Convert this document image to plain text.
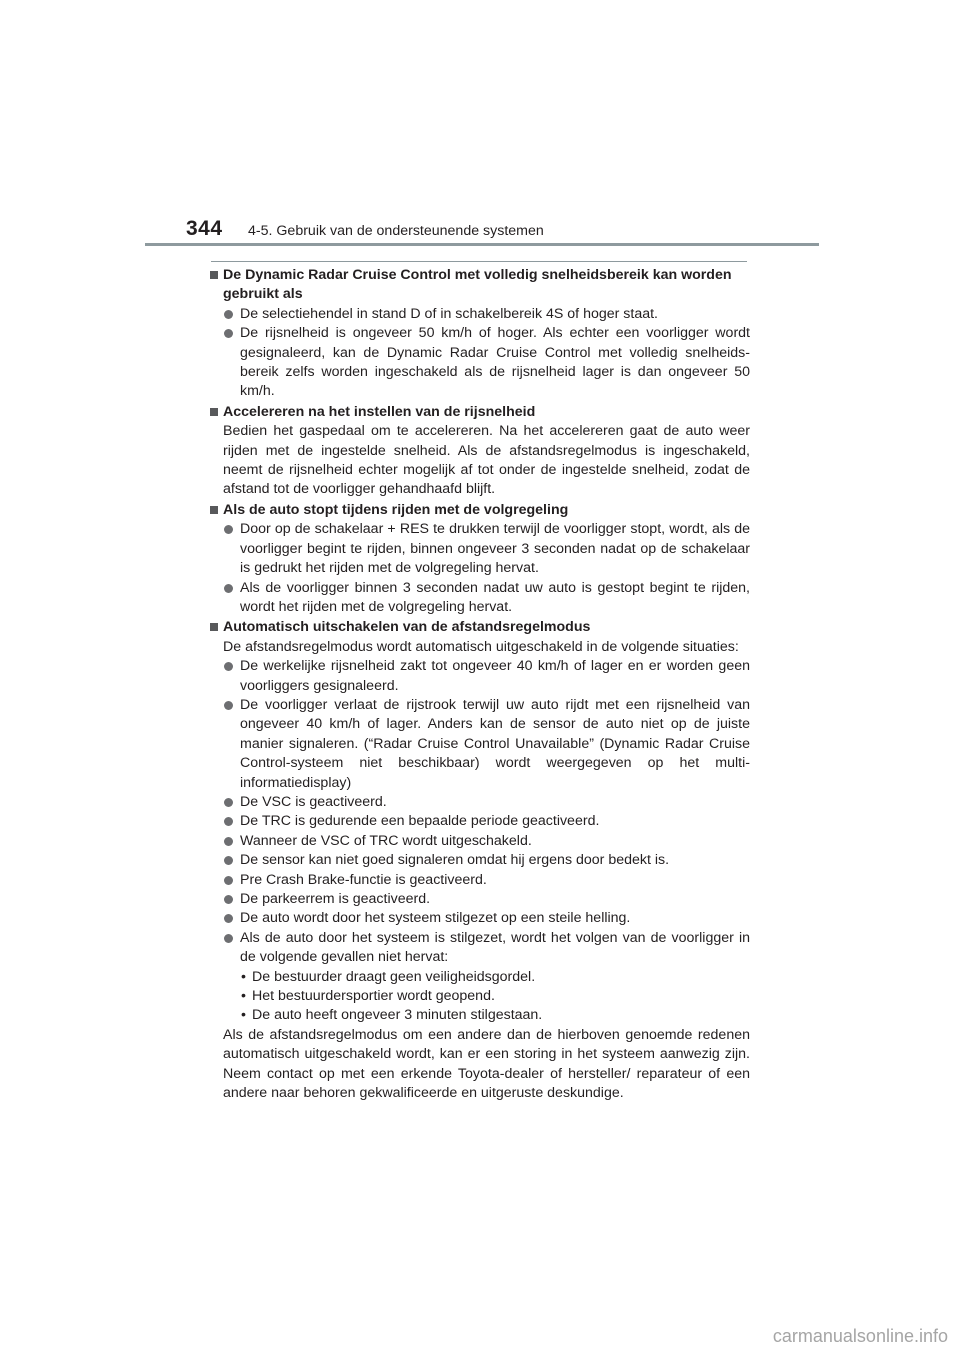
344 4-5. Gebruik van de ondersteunende systemen
De Dynamic Radar Cruise Control met volledig snelheidsbereik kan worden gebruikt als
De selectiehendel in stand D of in schakelbereik 4S of hoger staat.
De rijsnelheid is ongeveer 50 km/h of hoger. Als echter een voorligger wordt gesignaleerd, kan de Dynamic Radar Cruise Control met volledig snelheidsbereik zelfs worden ingeschakeld als de rijsnelheid lager is dan ongeveer 50 km/h.
Accelereren na het instellen van de rijsnelheid
Bedien het gaspedaal om te accelereren. Na het accelereren gaat de auto weer rijden met de ingestelde snelheid. Als de afstandsregelmodus is ingeschakeld, neemt de rijsnelheid echter mogelijk af tot onder de ingestelde snelheid, zodat de afstand tot de voorligger gehandhaafd blijft.
Als de auto stopt tijdens rijden met de volgregeling
Door op de schakelaar + RES te drukken terwijl de voorligger stopt, wordt, als de voorligger begint te rijden, binnen ongeveer 3 seconden nadat op de schakelaar is gedrukt het rijden met de volgregeling hervat.
Als de voorligger binnen 3 seconden nadat uw auto is gestopt begint te rijden, wordt het rijden met de volgregeling hervat.
Automatisch uitschakelen van de afstandsregelmodus
De afstandsregelmodus wordt automatisch uitgeschakeld in de volgende situaties:
De werkelijke rijsnelheid zakt tot ongeveer 40 km/h of lager en er worden geen voorliggers gesignaleerd.
De voorligger verlaat de rijstrook terwijl uw auto rijdt met een rijsnelheid van ongeveer 40 km/h of lager. Anders kan de sensor de auto niet op de juiste manier signaleren. (“Radar Cruise Control Unavailable” (Dynamic Radar Cruise Control-systeem niet beschikbaar) wordt weergegeven op het multiinformatiedisplay)
De VSC is geactiveerd.
De TRC is gedurende een bepaalde periode geactiveerd.
Wanneer de VSC of TRC wordt uitgeschakeld.
De sensor kan niet goed signaleren omdat hij ergens door bedekt is.
Pre Crash Brake-functie is geactiveerd.
De parkeerrem is geactiveerd.
De auto wordt door het systeem stilgezet op een steile helling.
Als de auto door het systeem is stilgezet, wordt het volgen van de voorligger in de volgende gevallen niet hervat:
• De bestuurder draagt geen veiligheidsgordel.
• Het bestuurdersportier wordt geopend.
• De auto heeft ongeveer 3 minuten stilgestaan.
Als de afstandsregelmodus om een andere dan de hierboven genoemde redenen automatisch uitgeschakeld wordt, kan er een storing in het systeem aanwezig zijn. Neem contact op met een erkende Toyota-dealer of hersteller/ reparateur of een andere naar behoren gekwalificeerde en uitgeruste deskundige.
carmanualsonline.info
